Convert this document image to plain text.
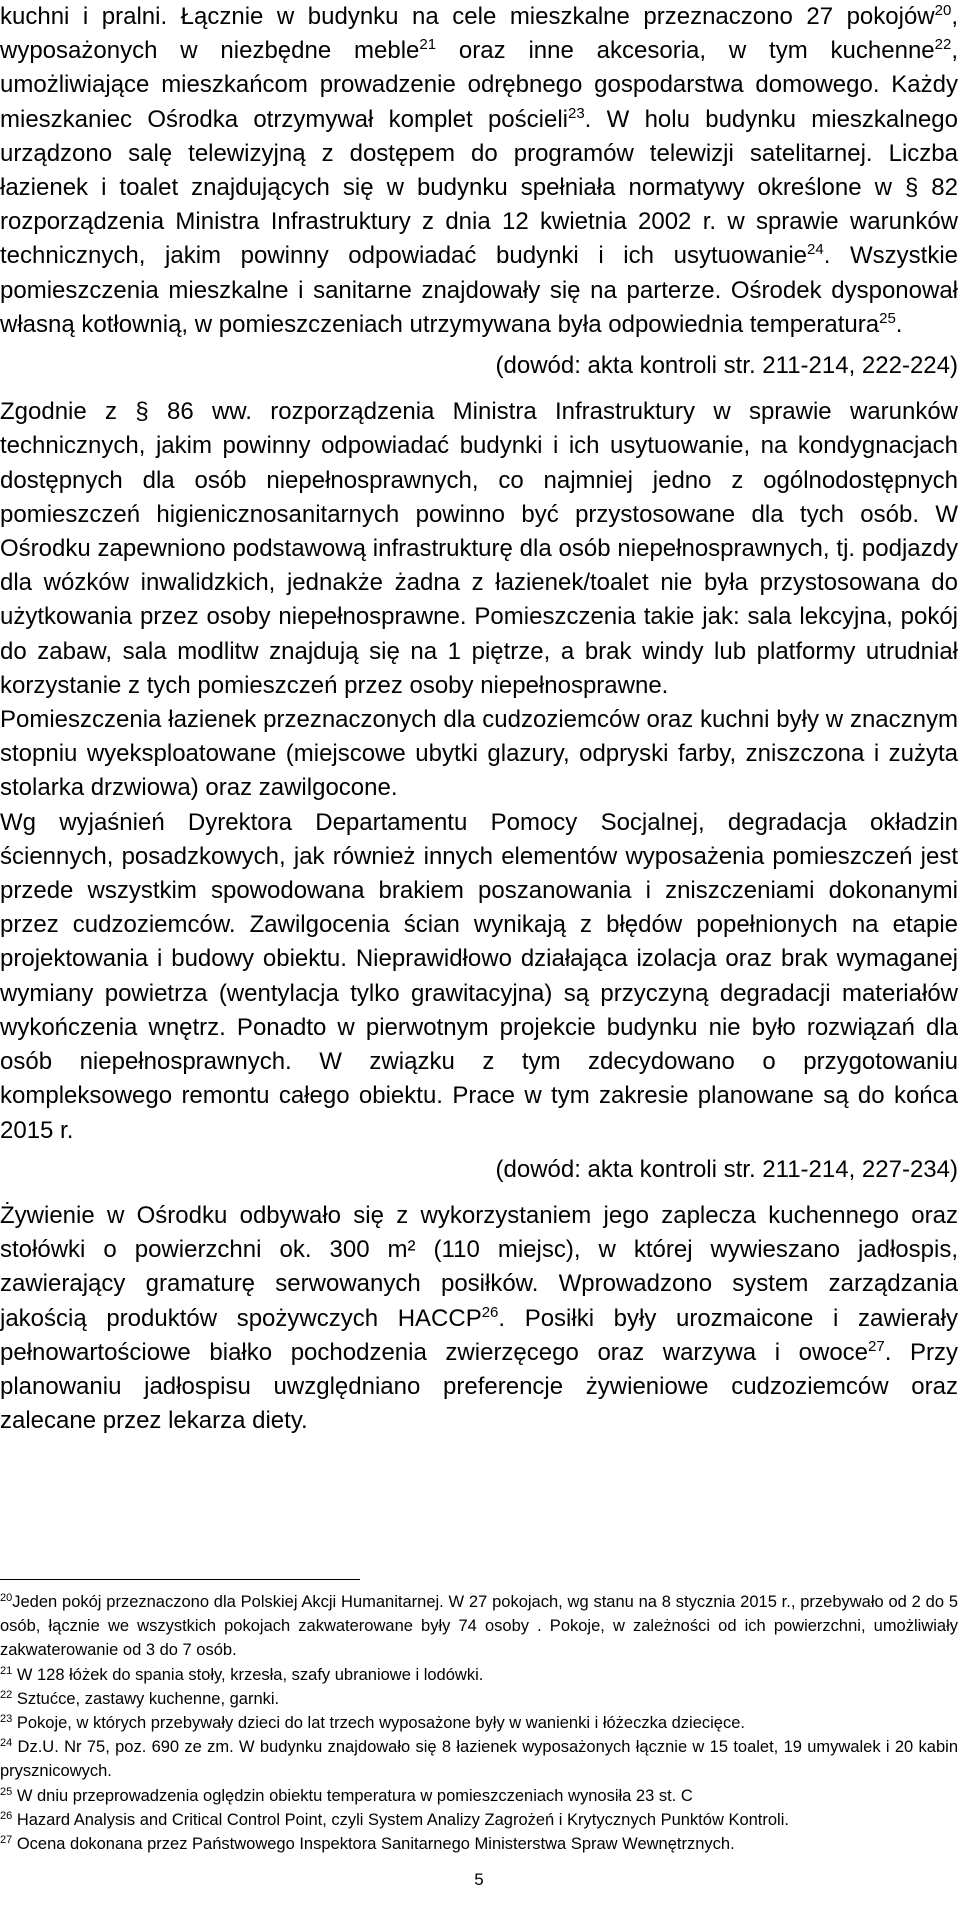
kuchni i pralni. Łącznie w budynku na cele mieszkalne przeznaczono 27 pokojów$^{20}$, wyposażonych w niezbędne meble$^{21}$ oraz inne akcesoria, w tym kuchenne$^{22}$, umożliwiające mieszkańcom prowadzenie odrębnego gospodarstwa domowego. Każdy mieszkaniec Ośrodka otrzymywał komplet pościeli$^{23}$. W holu budynku mieszkalnego urządzono salę telewizyjną z dostępem do programów telewizji satelitarnej. Liczba łazienek i toalet znajdujących się w budynku spełniała normatywy określone w § 82 rozporządzenia Ministra Infrastruktury z dnia 12 kwietnia 2002 r. w sprawie warunków technicznych, jakim powinny odpowiadać budynki i ich usytuowanie$^{24}$. Wszystkie pomieszczenia mieszkalne i sanitarne znajdowały się na parterze. Ośrodek dysponował własną kotłownią, w pomieszczeniach utrzymywana była odpowiednia temperatura$^{25}$.

(dowód: akta kontroli str. 211-214, 222-224)

Zgodnie z § 86 ww. rozporządzenia Ministra Infrastruktury w sprawie warunków technicznych, jakim powinny odpowiadać budynki i ich usytuowanie, na kondygnacjach dostępnych dla osób niepełnosprawnych, co najmniej jedno z ogólnodostępnych pomieszczeń higienicznosanitarnych powinno być przystosowane dla tych osób. W Ośrodku zapewniono podstawową infrastrukturę dla osób niepełnosprawnych, tj. podjazdy dla wózków inwalidzkich, jednakże żadna z łazienek/toalet nie była przystosowana do użytkowania przez osoby niepełnosprawne. Pomieszczenia takie jak: sala lekcyjna, pokój do zabaw, sala modlitw znajdują się na 1 piętrze, a brak windy lub platformy utrudniał korzystanie z tych pomieszczeń przez osoby niepełnosprawne.

Pomieszczenia łazienek przeznaczonych dla cudzoziemców oraz kuchni były w znacznym stopniu wyeksploatowane (miejscowe ubytki glazury, odpryski farby, zniszczona i zużyta stolarka drzwiowa) oraz zawilgocone.

Wg wyjaśnień Dyrektora Departamentu Pomocy Socjalnej, degradacja okładzin ściennych, posadzkowych, jak również innych elementów wyposażenia pomieszczeń jest przede wszystkim spowodowana brakiem poszanowania i zniszczeniami dokonanymi przez cudzoziemców. Zawilgocenia ścian wynikają z błędów popełnionych na etapie projektowania i budowy obiektu. Nieprawidłowo działająca izolacja oraz brak wymaganej wymiany powietrza (wentylacja tylko grawitacyjna) są przyczyną degradacji materiałów wykończenia wnętrz. Ponadto w pierwotnym projekcie budynku nie było rozwiązań dla osób niepełnosprawnych. W związku z tym zdecydowano o przygotowaniu kompleksowego remontu całego obiektu. Prace w tym zakresie planowane są do końca 2015 r.

(dowód: akta kontroli str. 211-214, 227-234)

Żywienie w Ośrodku odbywało się z wykorzystaniem jego zaplecza kuchennego oraz stołówki o powierzchni ok. 300 m² (110 miejsc), w której wywieszano jadłospis, zawierający gramaturę serwowanych posiłków. Wprowadzono system zarządzania jakością produktów spożywczych HACCP$^{26}$. Posiłki były urozmaicone i zawierały pełnowartościowe białko pochodzenia zwierzęcego oraz warzywa i owoce$^{27}$. Przy planowaniu jadłospisu uwzględniano preferencje żywieniowe cudzoziemców oraz zalecane przez lekarza diety.

$^{20}$Jeden pokój przeznaczono dla Polskiej Akcji Humanitarnej. W 27 pokojach, wg stanu na 8 stycznia 2015 r., przebywało od 2 do 5 osób, łącznie we wszystkich pokojach zakwaterowane były 74 osoby . Pokoje, w zależności od ich powierzchni, umożliwiały zakwaterowanie od 3 do 7 osób.

$^{21}$ W 128 łóżek do spania stoły, krzesła, szafy ubraniowe i lodówki.

$^{22}$ Sztućce, zastawy kuchenne, garnki.

$^{23}$ Pokoje, w których przebywały dzieci do lat trzech wyposażone były w wanienki i łóżeczka dziecięce.

$^{24}$ Dz.U. Nr 75, poz. 690 ze zm. W budynku znajdowało się 8 łazienek wyposażonych łącznie w 15 toalet, 19 umywalek i 20 kabin prysznicowych.

$^{25}$ W dniu przeprowadzenia oględzin obiektu temperatura w pomieszczeniach wynosiła 23 st. C

$^{26}$ Hazard Analysis and Critical Control Point, czyli System Analizy Zagrożeń i Krytycznych Punktów Kontroli.

$^{27}$ Ocena dokonana przez Państwowego Inspektora Sanitarnego Ministerstwa Spraw Wewnętrznych.

5
